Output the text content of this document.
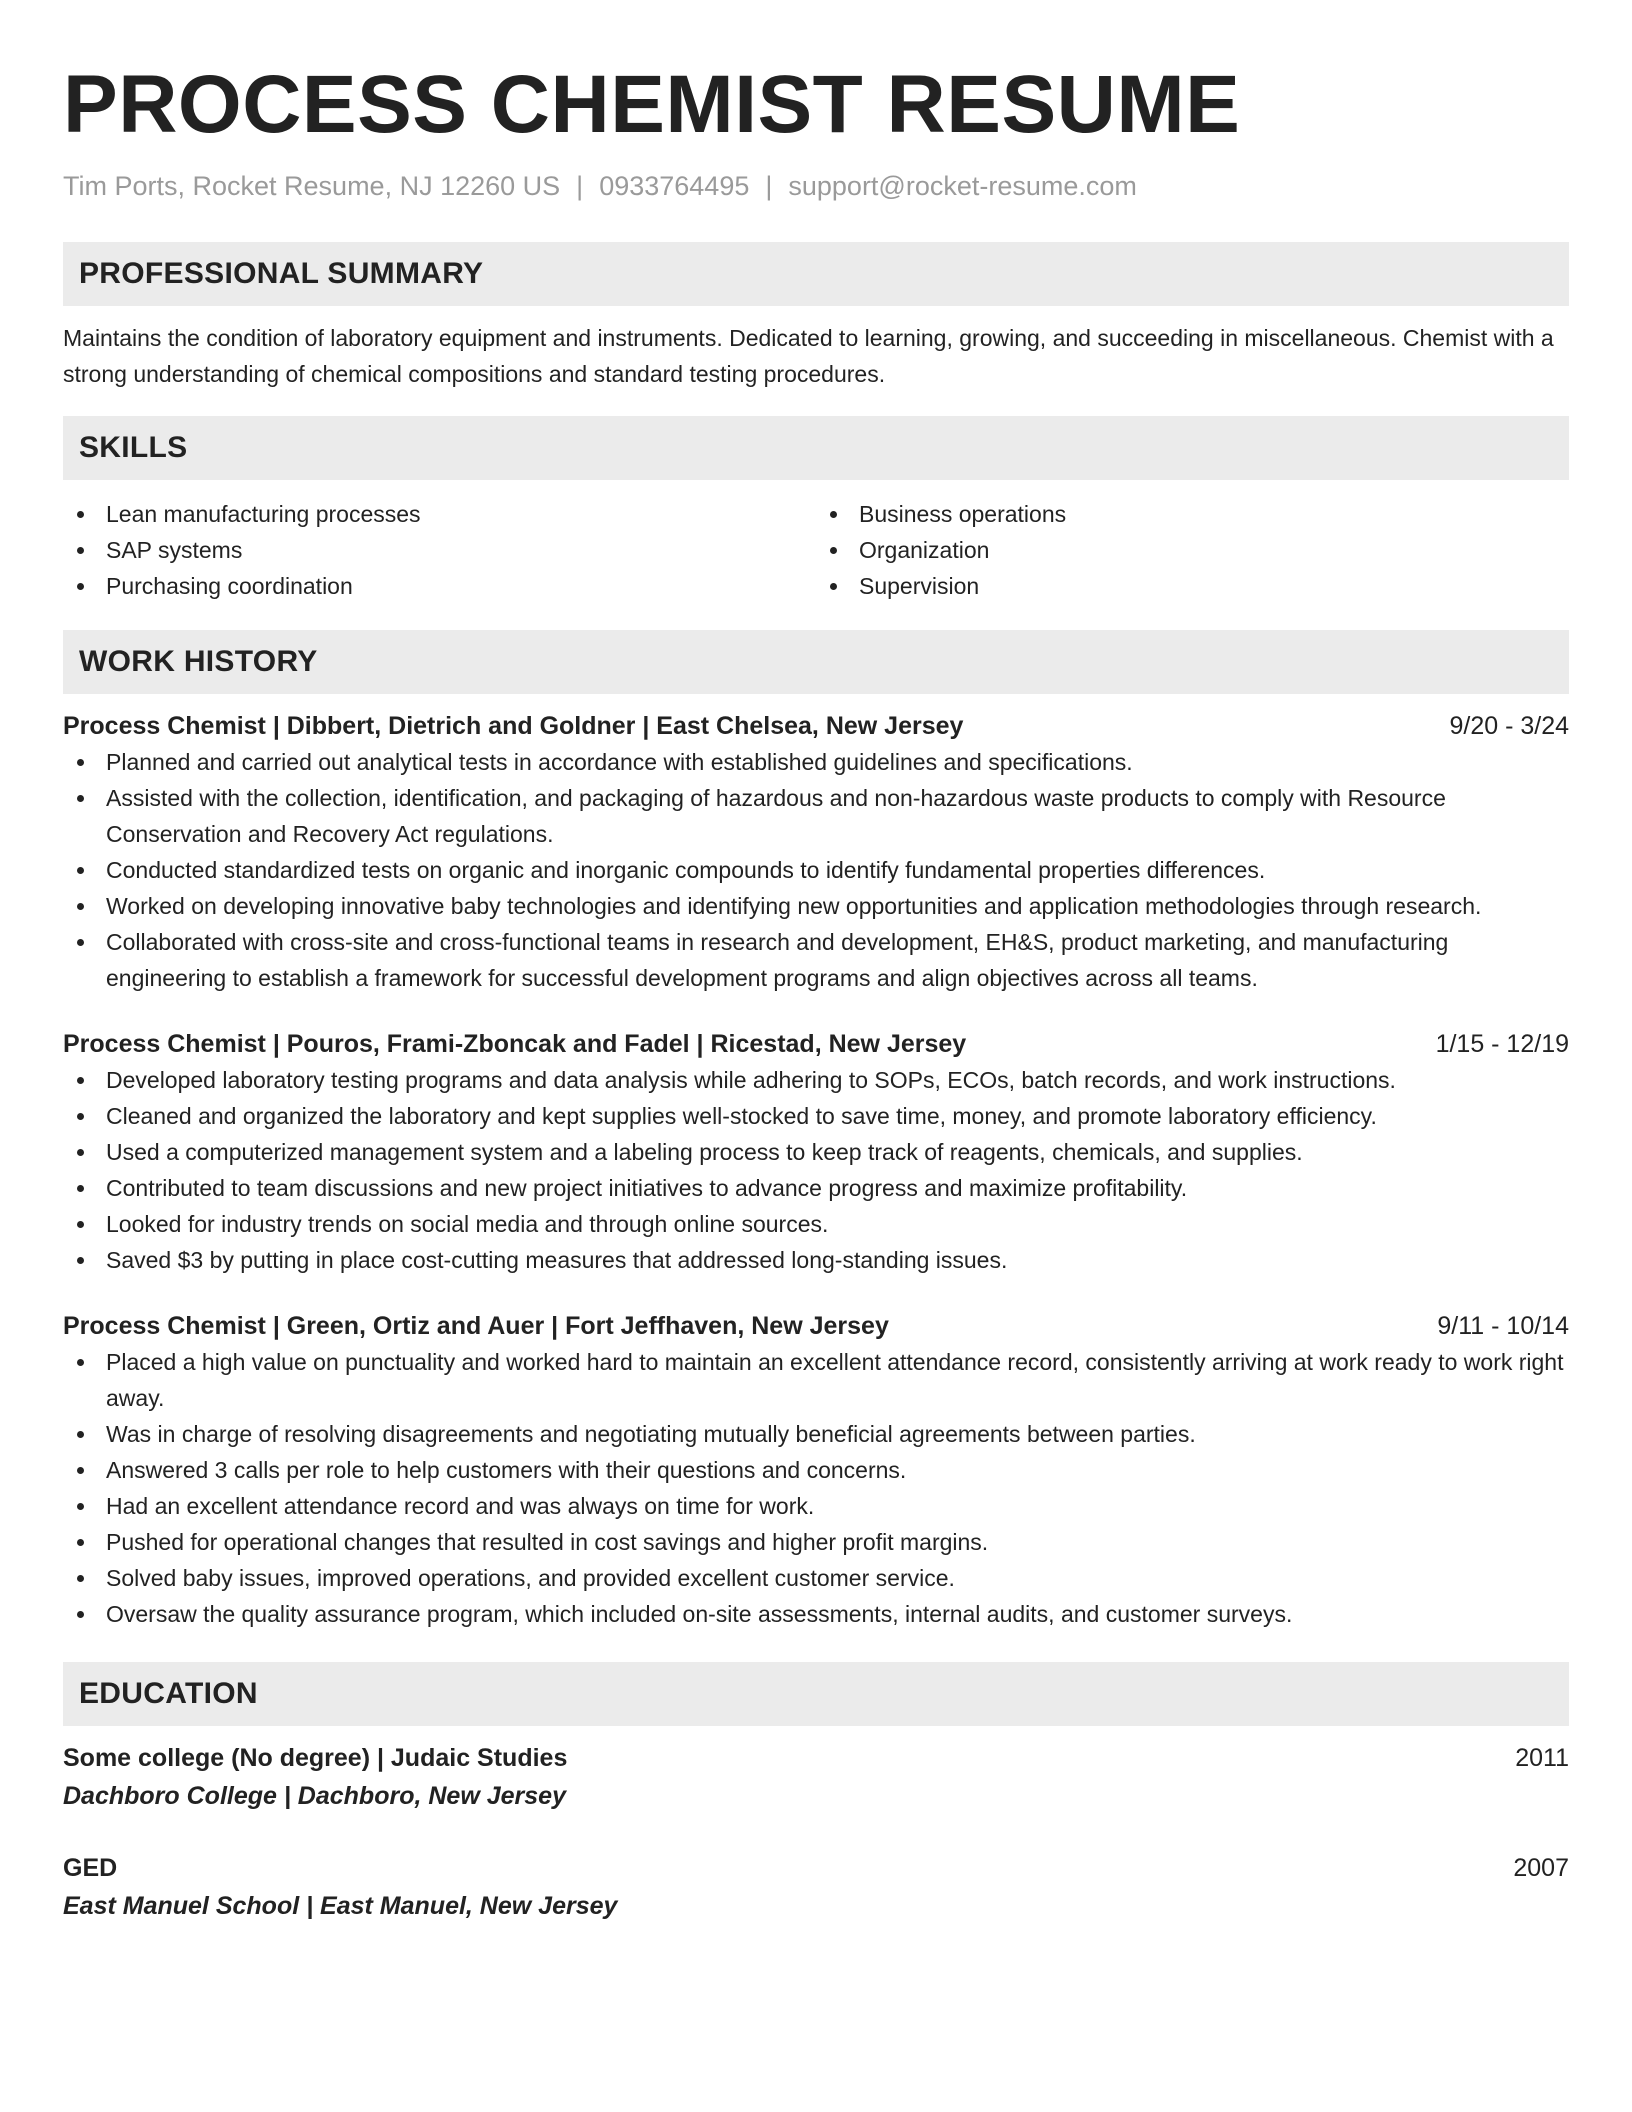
PROCESS CHEMIST RESUME
Tim Ports, Rocket Resume, NJ 12260 US | 0933764495 | support@rocket-resume.com
PROFESSIONAL SUMMARY
Maintains the condition of laboratory equipment and instruments. Dedicated to learning, growing, and succeeding in miscellaneous. Chemist with a strong understanding of chemical compositions and standard testing procedures.
SKILLS
Lean manufacturing processes
SAP systems
Purchasing coordination
Business operations
Organization
Supervision
WORK HISTORY
Process Chemist | Dibbert, Dietrich and Goldner | East Chelsea, New Jersey	9/20 - 3/24
Planned and carried out analytical tests in accordance with established guidelines and specifications.
Assisted with the collection, identification, and packaging of hazardous and non-hazardous waste products to comply with Resource Conservation and Recovery Act regulations.
Conducted standardized tests on organic and inorganic compounds to identify fundamental properties differences.
Worked on developing innovative baby technologies and identifying new opportunities and application methodologies through research.
Collaborated with cross-site and cross-functional teams in research and development, EH&S, product marketing, and manufacturing engineering to establish a framework for successful development programs and align objectives across all teams.
Process Chemist | Pouros, Frami-Zboncak and Fadel | Ricestad, New Jersey	1/15 - 12/19
Developed laboratory testing programs and data analysis while adhering to SOPs, ECOs, batch records, and work instructions.
Cleaned and organized the laboratory and kept supplies well-stocked to save time, money, and promote laboratory efficiency.
Used a computerized management system and a labeling process to keep track of reagents, chemicals, and supplies.
Contributed to team discussions and new project initiatives to advance progress and maximize profitability.
Looked for industry trends on social media and through online sources.
Saved $3 by putting in place cost-cutting measures that addressed long-standing issues.
Process Chemist | Green, Ortiz and Auer | Fort Jeffhaven, New Jersey	9/11 - 10/14
Placed a high value on punctuality and worked hard to maintain an excellent attendance record, consistently arriving at work ready to work right away.
Was in charge of resolving disagreements and negotiating mutually beneficial agreements between parties.
Answered 3 calls per role to help customers with their questions and concerns.
Had an excellent attendance record and was always on time for work.
Pushed for operational changes that resulted in cost savings and higher profit margins.
Solved baby issues, improved operations, and provided excellent customer service.
Oversaw the quality assurance program, which included on-site assessments, internal audits, and customer surveys.
EDUCATION
Some college (No degree) | Judaic Studies	2011
Dachboro College | Dachboro, New Jersey
GED	2007
East Manuel School | East Manuel, New Jersey
